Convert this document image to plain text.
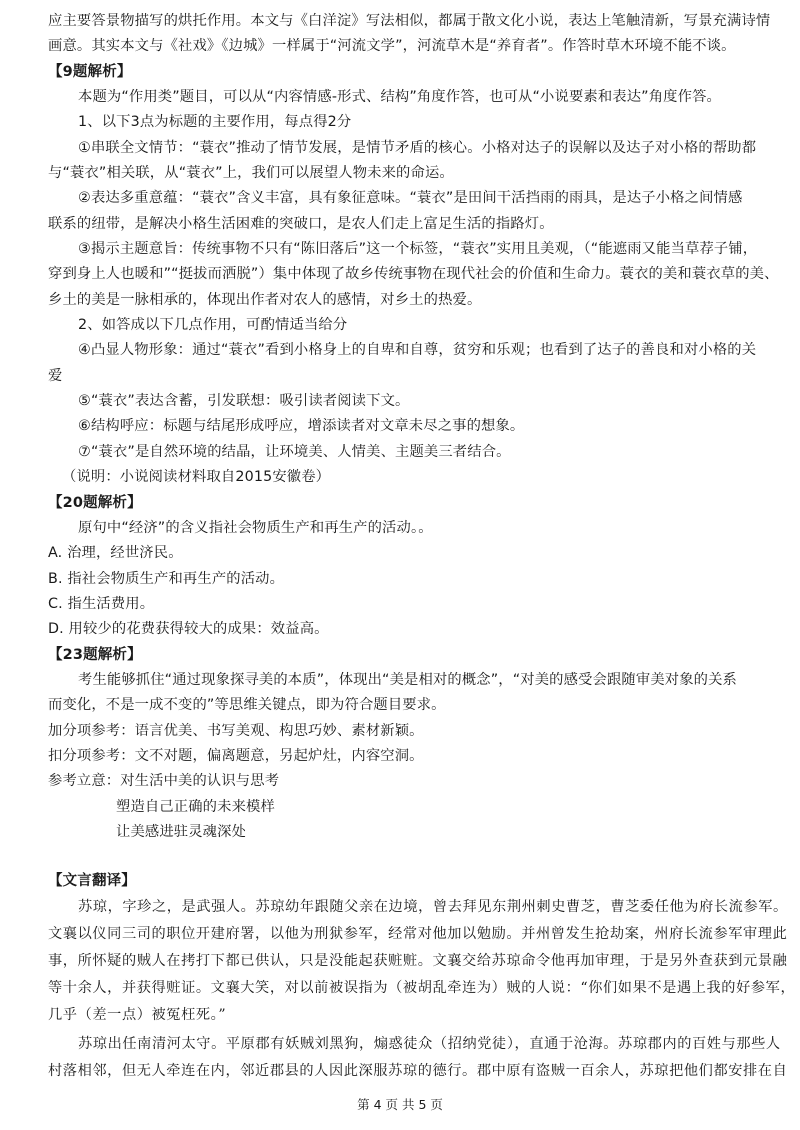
应主要答景物描写的烘托作用。本文与《白洋淀》写法相似，都属于散文化小说，表达上笔触清新，写景充满诗情
画意。其实本文与《社戏》《边城》一样属于“河流文学”，河流草木是“养育者”。作答时草木环境不能不谈。
【9题解析】
本题为“作用类”题目，可以从“内容情感-形式、结构”角度作答，也可从“小说要素和表达”角度作答。
1、以下3点为标题的主要作用，每点得2分
①串联全文情节：“蓑衣”推动了情节发展，是情节矛盾的核心。小格对达子的误解以及达子对小格的帮助都
与“蓑衣”相关联，从“蓑衣”上，我们可以展望人物未来的命运。
②表达多重意蕴：“蓑衣”含义丰富，具有象征意味。“蓑衣”是田间干活挡雨的雨具，是达子小格之间情感
联系的纽带，是解决小格生活困难的突破口，是农人们走上富足生活的指路灯。
③揭示主题意旨：传统事物不只有“陈旧落后”这一个标签，“蓑衣”实用且美观，（“能遮雨又能当草荐子铺，
穿到身上人也暖和”“挺拔而洒脱”）集中体现了故乡传统事物在现代社会的价值和生命力。蓑衣的美和蓑衣草的美、
乡土的美是一脉相承的，体现出作者对农人的感情，对乡土的热爱。
2、如答成以下几点作用，可酌情适当给分
④凸显人物形象：通过“蓑衣”看到小格身上的自卑和自尊，贫穷和乐观；也看到了达子的善良和对小格的关
爱
⑤“蓑衣”表达含蓄，引发联想：吸引读者阅读下文。
⑥结构呼应：标题与结尾形成呼应，增添读者对文章未尽之事的想象。
⑦“蓑衣”是自然环境的结晶，让环境美、人情美、主题美三者结合。
（说明：小说阅读材料取自2015安徽卷）
【20题解析】
原句中“经济”的含义指社会物质生产和再生产的活动。。
A. 治理，经世济民。
B. 指社会物质生产和再生产的活动。
C. 指生活费用。
D. 用较少的花费获得较大的成果：效益高。
【23题解析】
考生能够抓住“通过现象探寻美的本质”，体现出“美是相对的概念”，“对美的感受会跟随审美对象的关系
而变化，不是一成不变的”等思维关键点，即为符合题目要求。
加分项参考：语言优美、书写美观、构思巧妙、素材新颖。
扣分项参考：文不对题，偏离题意，另起炉灶，内容空洞。
参考立意：对生活中美的认识与思考
塑造自己正确的未来模样
让美感进驻灵魂深处
【文言翻译】
苏琼，字珍之，是武强人。苏琼幼年跟随父亲在边境，曾去拜见东荆州刺史曹芝，曹芝委任他为府长流参军。
文襄以仪同三司的职位开建府署，以他为刑狱参军，经常对他加以勉励。并州曾发生抢劫案，州府长流参军审理此
事，所怀疑的贼人在拷打下都已供认，只是没能起获赃赃。文襄交给苏琼命令他再加审理，于是另外查获到元景融
等十余人，并获得赃证。文襄大笑，对以前被误指为（被胡乱牵连为）贼的人说：“你们如果不是遇上我的好参军，
几乎（差一点）被冤枉死。”
苏琼出任南清河太守。平原郡有妖贼刘黑狗，煽惑徒众（招纳党徒），直通于沧海。苏琼郡内的百姓与那些人
村落相邻，但无人牵连在内，邻近郡县的人因此深服苏琼的德行。郡中原有盗贼一百余人，苏琼把他们都安排在自
第 4 页 共 5 页
